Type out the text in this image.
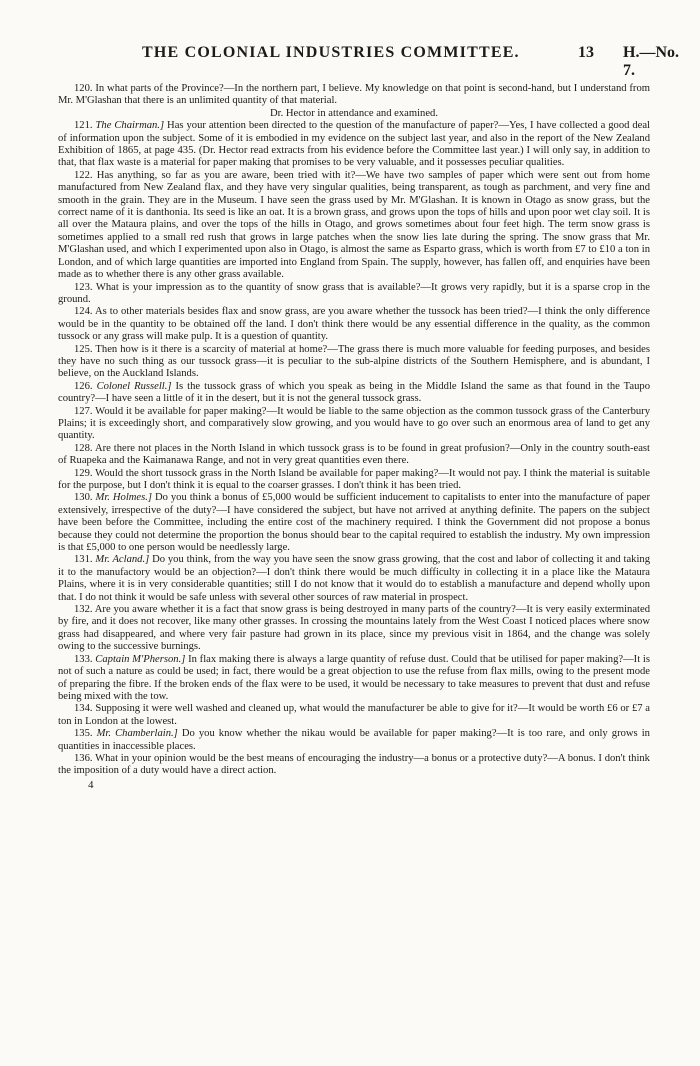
THE COLONIAL INDUSTRIES COMMITTEE.	13 H.—No. 7.

120. In what parts of the Province?—In the northern part, I believe. My knowledge on that point is second-hand, but I understand from Mr. M'Glashan that there is an unlimited quantity of that material.

Dr. Hector in attendance and examined.

121. The Chairman.] Has your attention been directed to the question of the manufacture of paper?—Yes, I have collected a good deal of information upon the subject. Some of it is embodied in my evidence on the subject last year, and also in the report of the New Zealand Exhibition of 1865, at page 435. (Dr. Hector read extracts from his evidence before the Committee last year.) I will only say, in addition to that, that flax waste is a material for paper making that promises to be very valuable, and it possesses peculiar qualities.

122. Has anything, so far as you are aware, been tried with it?—We have two samples of paper which were sent out from home manufactured from New Zealand flax, and they have very singular qualities, being transparent, as tough as parchment, and very fine and smooth in the grain. They are in the Museum. I have seen the grass used by Mr. M'Glashan. It is known in Otago as snow grass, but the correct name of it is danthonia. Its seed is like an oat. It is a brown grass, and grows upon the tops of hills and upon poor wet clay soil. It is all over the Mataura plains, and over the tops of the hills in Otago, and grows sometimes about four feet high. The term snow grass is sometimes applied to a small red rush that grows in large patches when the snow lies late during the spring. The snow grass that Mr. M'Glashan used, and which I experimented upon also in Otago, is almost the same as Esparto grass, which is worth from £7 to £10 a ton in London, and of which large quantities are imported into England from Spain. The supply, however, has fallen off, and enquiries have been made as to whether there is any other grass available.

123. What is your impression as to the quantity of snow grass that is available?—It grows very rapidly, but it is a sparse crop in the ground.

124. As to other materials besides flax and snow grass, are you aware whether the tussock has been tried?—I think the only difference would be in the quantity to be obtained off the land. I don't think there would be any essential difference in the quality, as the common tussock or any grass will make pulp. It is a question of quantity.

125. Then how is it there is a scarcity of material at home?—The grass there is much more valuable for feeding purposes, and besides they have no such thing as our tussock grass—it is peculiar to the sub-alpine districts of the Southern Hemisphere, and is abundant, I believe, on the Auckland Islands.

126. Colonel Russell.] Is the tussock grass of which you speak as being in the Middle Island the same as that found in the Taupo country?—I have seen a little of it in the desert, but it is not the general tussock grass.

127. Would it be available for paper making?—It would be liable to the same objection as the common tussock grass of the Canterbury Plains; it is exceedingly short, and comparatively slow growing, and you would have to go over such an enormous area of land to get any quantity.

128. Are there not places in the North Island in which tussock grass is to be found in great profusion?—Only in the country south-east of Ruapeka and the Kaimanawa Range, and not in very great quantities even there.

129. Would the short tussock grass in the North Island be available for paper making?—It would not pay. I think the material is suitable for the purpose, but I don't think it is equal to the coarser grasses. I don't think it has been tried.

130. Mr. Holmes.] Do you think a bonus of £5,000 would be sufficient inducement to capitalists to enter into the manufacture of paper extensively, irrespective of the duty?—I have considered the subject, but have not arrived at anything definite. The papers on the subject have been before the Committee, including the entire cost of the machinery required. I think the Government did not propose a bonus because they could not determine the proportion the bonus should bear to the capital required to establish the industry. My own impression is that £5,000 to one person would be needlessly large.

131. Mr. Acland.] Do you think, from the way you have seen the snow grass growing, that the cost and labor of collecting it and taking it to the manufactory would be an objection?—I don't think there would be much difficulty in collecting it in a place like the Mataura Plains, where it is in very considerable quantities; still I do not know that it would do to establish a manufacture and depend wholly upon that. I do not think it would be safe unless with several other sources of raw material in prospect.

132. Are you aware whether it is a fact that snow grass is being destroyed in many parts of the country?—It is very easily exterminated by fire, and it does not recover, like many other grasses. In crossing the mountains lately from the West Coast I noticed places where snow grass had disappeared, and where very fair pasture had grown in its place, since my previous visit in 1864, and the change was solely owing to the successive burnings.

133. Captain M'Pherson.] In flax making there is always a large quantity of refuse dust. Could that be utilised for paper making?—It is not of such a nature as could be used; in fact, there would be a great objection to use the refuse from flax mills, owing to the present mode of preparing the fibre. If the broken ends of the flax were to be used, it would be necessary to take measures to prevent that dust and refuse being mixed with the tow.

134. Supposing it were well washed and cleaned up, what would the manufacturer be able to give for it?—It would be worth £6 or £7 a ton in London at the lowest.

135. Mr. Chamberlain.] Do you know whether the nikau would be available for paper making?—It is too rare, and only grows in quantities in inaccessible places.

136. What in your opinion would be the best means of encouraging the industry—a bonus or a protective duty?—A bonus. I don't think the imposition of a duty would have a direct action.

4
